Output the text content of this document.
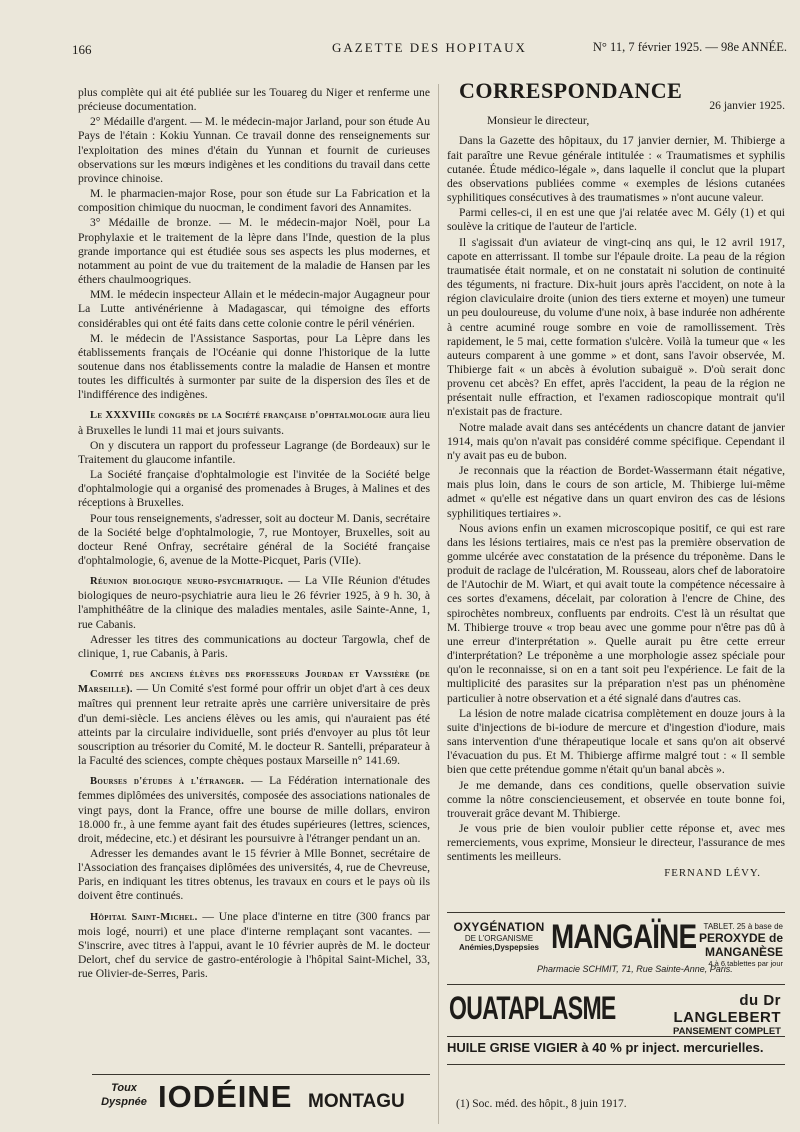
166	GAZETTE DES HOPITAUX	N° 11, 7 février 1925. — 98e ANNÉE.

plus complète qui ait été publiée sur les Touareg du Niger et renferme une précieuse documentation.

2° Médaille d'argent. — M. le médecin-major Jarland, pour son étude Au Pays de l'étain : Kokiu Yunnan. Ce travail donne des renseignements sur l'exploitation des mines d'étain du Yunnan et fournit de curieuses observations sur les mœurs indigènes et les conditions du travail dans cette province chinoise.

M. le pharmacien-major Rose, pour son étude sur La Fabrication et la composition chimique du nuocman, le condiment favori des Annamites.

3° Médaille de bronze. — M. le médecin-major Noël, pour La Prophylaxie et le traitement de la lèpre dans l'Inde, question de la plus grande importance qui est étudiée sous ses aspects les plus modernes, et notamment au point de vue du traitement de la maladie de Hansen par les éthers chaulmoogriques.

MM. le médecin inspecteur Allain et le médecin-major Augagneur pour La Lutte antivénérienne à Madagascar, qui témoigne des efforts considérables qui ont été faits dans cette colonie contre le péril vénérien.

M. le médecin de l'Assistance Sasportas, pour La Lèpre dans les établissements français de l'Océanie qui donne l'historique de la lutte soutenue dans nos établissements contre la maladie de Hansen et montre toutes les difficultés à surmonter par suite de la dispersion des îles et de l'indifférence des indigènes.

Le XXXVIIIe congrès de la Société française d'ophtalmologie aura lieu à Bruxelles le lundi 11 mai et jours suivants.

On y discutera un rapport du professeur Lagrange (de Bordeaux) sur le Traitement du glaucome infantile.

La Société française d'ophtalmologie est l'invitée de la Société belge d'ophtalmologie qui a organisé des promenades à Bruges, à Malines et des réceptions à Bruxelles.

Pour tous renseignements, s'adresser, soit au docteur M. Danis, secrétaire de la Société belge d'ophtalmologie, 7, rue Montoyer, Bruxelles, soit au docteur René Onfray, secrétaire général de la Société française d'ophtalmologie, 6, avenue de la Motte-Picquet, Paris (VIIe).

Réunion biologique neuro-psychiatrique. — La VIIe Réunion d'études biologiques de neuro-psychiatrie aura lieu le 26 février 1925, à 9 h. 30, à l'amphithéâtre de la clinique des maladies mentales, asile Sainte-Anne, 1, rue Cabanis.

Adresser les titres des communications au docteur Targowla, chef de clinique, 1, rue Cabanis, à Paris.

Comité des anciens élèves des professeurs Jourdan et Vayssière (de Marseille). — Un Comité s'est formé pour offrir un objet d'art à ces deux maîtres qui prennent leur retraite après une carrière universitaire de près d'un demi-siècle. Les anciens élèves ou les amis, qui n'auraient pas été atteints par la circulaire individuelle, sont priés d'envoyer au plus tôt leur souscription au trésorier du Comité, M. le docteur R. Santelli, préparateur à la Faculté des sciences, compte chèques postaux Marseille n° 141.69.

Bourses d'études à l'étranger. — La Fédération internationale des femmes diplômées des universités, composée des associations nationales de vingt pays, dont la France, offre une bourse de mille dollars, environ 18.000 fr., à une femme ayant fait des études supérieures (lettres, sciences, droit, médecine, etc.) et désirant les poursuivre à l'étranger pendant un an.

Adresser les demandes avant le 15 février à Mlle Bonnet, secrétaire de l'Association des françaises diplômées des universités, 4, rue de Chevreuse, Paris, en indiquant les titres obtenus, les travaux en cours et le pays où ils doivent être continués.

Hôpital Saint-Michel. — Une place d'interne en titre (300 francs par mois logé, nourri) et une place d'interne remplaçant sont vacantes. — S'inscrire, avec titres à l'appui, avant le 10 février auprès de M. le docteur Delort, chef du service de gastro-entérologie à l'hôpital Saint-Michel, 33, rue Olivier-de-Serres, Paris.

CORRESPONDANCE

26 janvier 1925.

Monsieur le directeur,

Dans la Gazette des hôpitaux, du 17 janvier dernier, M. Thibierge a fait paraître une Revue générale intitulée : « Traumatismes et syphilis cutanée. Étude médico-légale », dans laquelle il conclut que la plupart des observations publiées comme « exemples de lésions cutanées syphilitiques consécutives à des traumatismes » n'ont aucune valeur.

Parmi celles-ci, il en est une que j'ai relatée avec M. Gély (1) et qui soulève la critique de l'auteur de l'article.

Il s'agissait d'un aviateur de vingt-cinq ans qui, le 12 avril 1917, capote en atterrissant. Il tombe sur l'épaule droite. La peau de la région traumatisée était normale, et on ne constatait ni solution de continuité des téguments, ni fracture. Dix-huit jours après l'accident, on note à la région claviculaire droite (union des tiers externe et moyen) une tumeur un peu douloureuse, du volume d'une noix, à base indurée non adhérente à centre acuminé rouge sombre en voie de ramollissement. Très rapidement, le 5 mai, cette formation s'ulcère. Voilà la tumeur que « les auteurs comparent à une gomme » et dont, sans l'avoir observée, M. Thibierge fait « un abcès à évolution subaiguë ». D'où serait donc provenu cet abcès? En effet, après l'accident, la peau de la région ne présentait nulle effraction, et l'examen radioscopique montrait qu'il n'existait pas de fracture.

Notre malade avait dans ses antécédents un chancre datant de janvier 1914, mais qu'on n'avait pas considéré comme spécifique. Cependant il n'y avait pas eu de bubon.

Je reconnais que la réaction de Bordet-Wassermann était négative, mais plus loin, dans le cours de son article, M. Thibierge lui-même admet « qu'elle est négative dans un quart environ des cas de lésions syphilitiques tertiaires ».

Nous avions enfin un examen microscopique positif, ce qui est rare dans les lésions tertiaires, mais ce n'est pas la première observation de gomme ulcérée avec constatation de la présence du tréponème. Dans le produit de raclage de l'ulcération, M. Rousseau, alors chef de laboratoire de l'Autochir de M. Wiart, et qui avait toute la compétence nécessaire à ces sortes d'examens, décelait, par coloration à l'encre de Chine, des spirochètes nombreux, confluents par endroits. C'est là un résultat que M. Thibierge trouve « trop beau avec une gomme pour n'être pas dû à une erreur d'interprétation ». Quelle aurait pu être cette erreur d'interprétation? Le tréponème a une morphologie assez spéciale pour qu'on le reconnaisse, si on en a tant soit peu l'expérience. Le fait de la multiplicité des parasites sur la préparation n'est pas un phénomène particulier à notre observation et a été signalé dans d'autres cas.

La lésion de notre malade cicatrisa complètement en douze jours à la suite d'injections de bi-iodure de mercure et d'ingestion d'iodure, mais sans intervention d'une thérapeutique locale et sans qu'on ait observé l'évacuation du pus. Et M. Thibierge affirme malgré tout : « Il semble bien que cette prétendue gomme n'était qu'un banal abcès ».

Je me demande, dans ces conditions, quelle observation suivie comme la nôtre consciencieusement, et observée en toute bonne foi, trouverait grâce devant M. Thibierge.

Je vous prie de bien vouloir publier cette réponse et, avec mes remerciements, vous exprime, Monsieur le directeur, l'assurance de mes sentiments les meilleurs.

FERNAND LÉVY.

OXYGÉNATION
DE L'ORGANISME
Anémies,Dyspepsies MANGAÏNE TABLET. 25 à base de
PEROXYDE de MANGANÈSE
4 à 6 tablettes par jour
Pharmacie SCHMIT, 71, Rue Sainte-Anne, Paris.
OUATAPLASME	du Dr LANGLEBERT
PANSEMENT COMPLET
HUILE GRISE VIGIER à 40 % pr inject. mercurielles.
(1) Soc. méd. des hôpit., 8 juin 1917.
Toux
Dyspnée IODÉINE MONTAGU
